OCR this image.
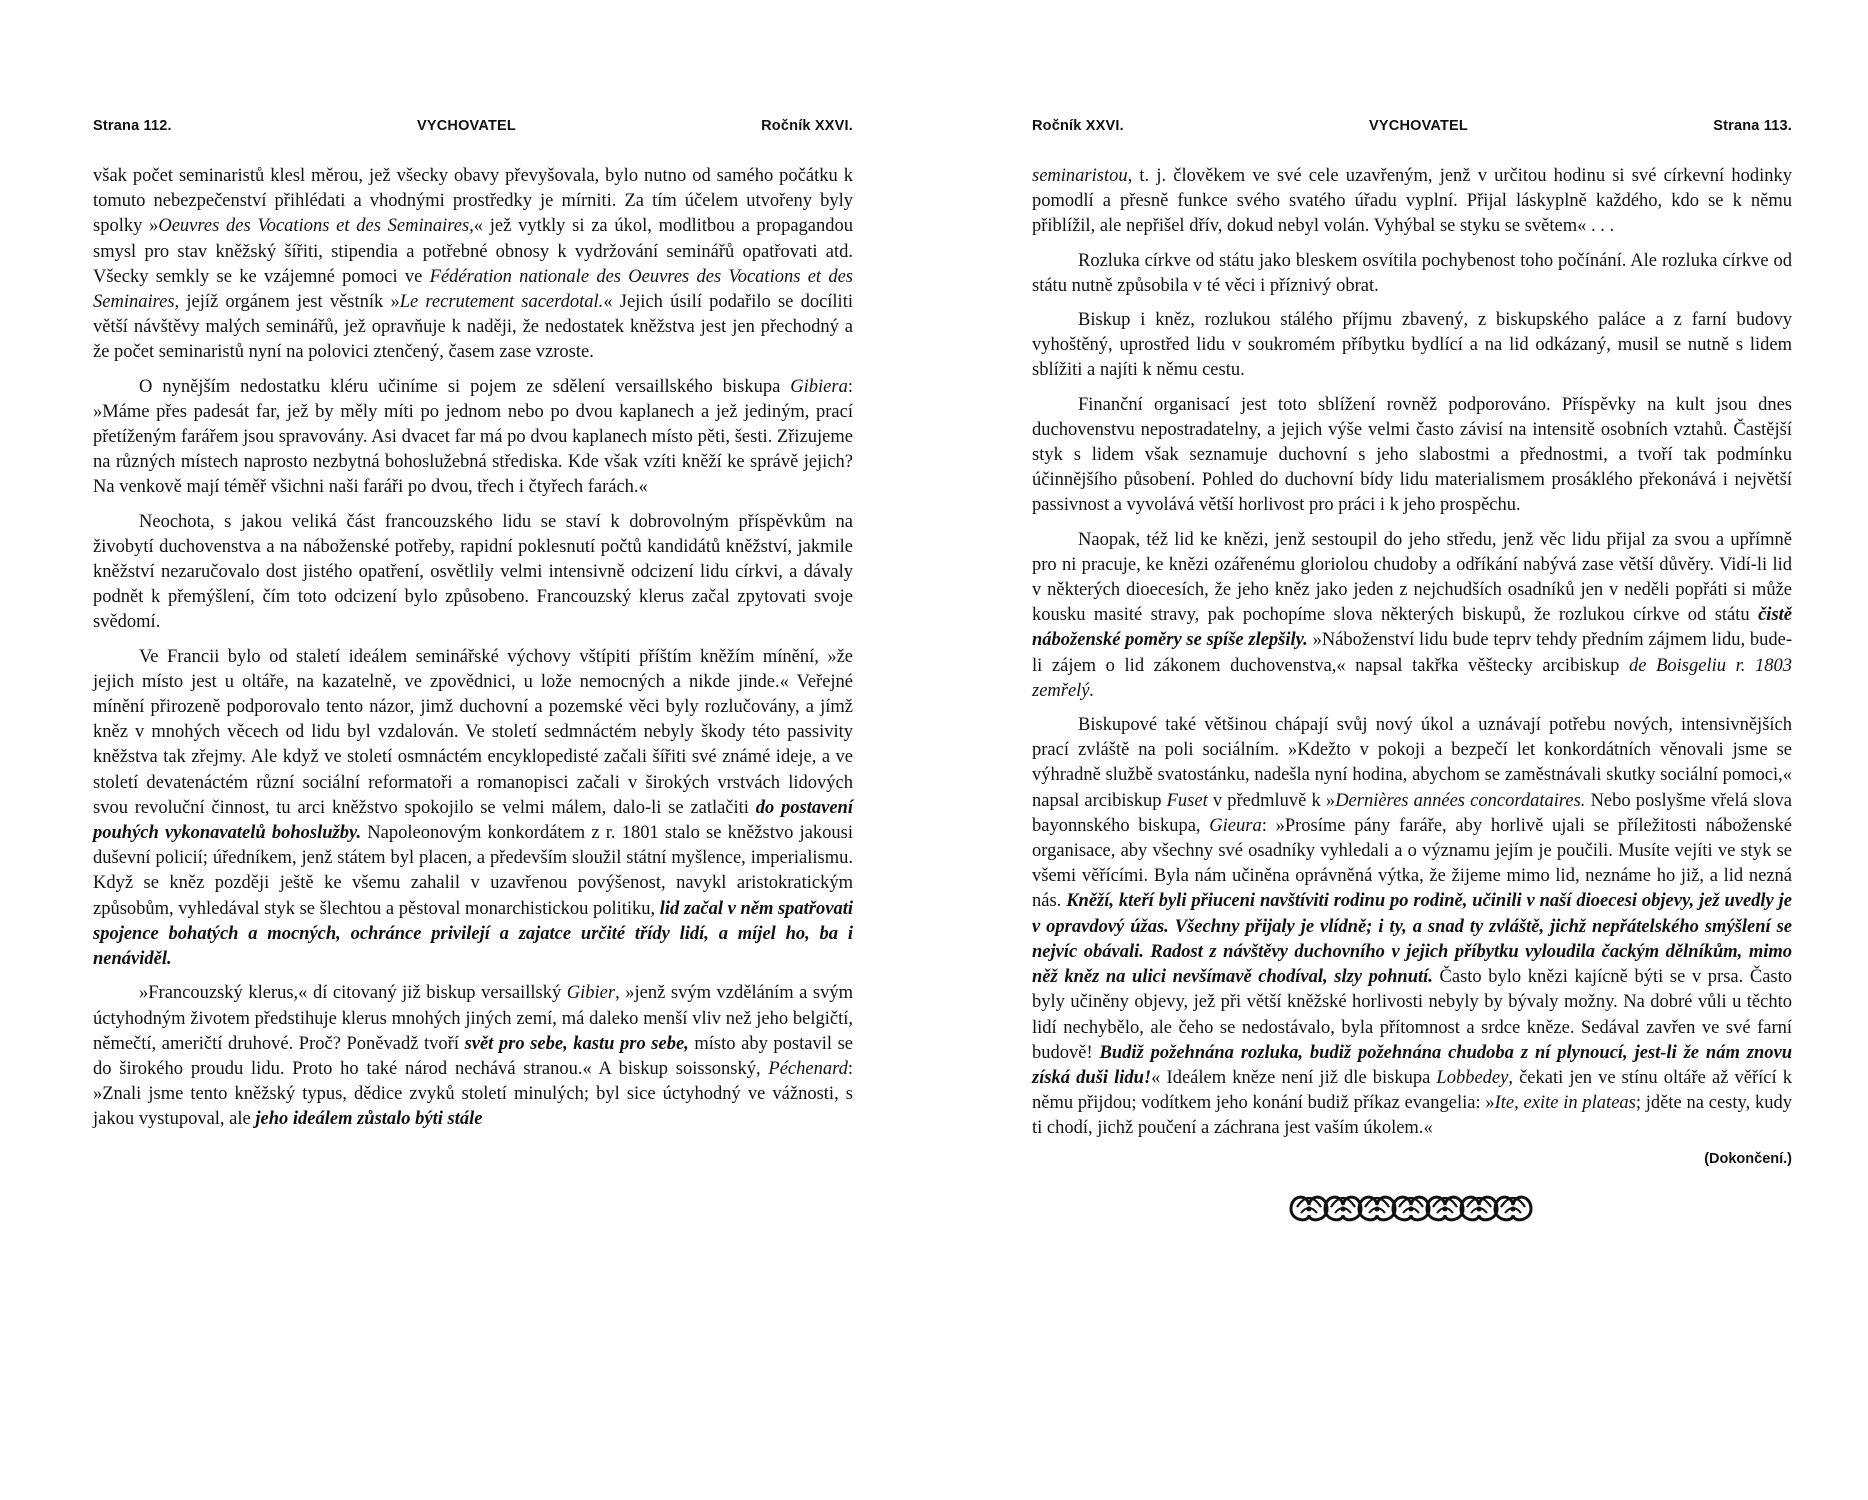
Strana 112.	VYCHOVATEL	Ročník XXVI.

však počet seminaristů klesl měrou, jež všecky obavy převyšovala, bylo nutno od samého počátku k tomuto nebezpečenství přihlédati a vhodnými prostředky je mírniti. Za tím účelem utvořeny byly spolky »Oeuvres des Vocations et des Seminaires,« jež vytkly si za úkol, modlitbou a propagandou smysl pro stav kněžský šířiti, stipendia a potřebné obnosy k vydržování seminářů opatřovati atd. Všecky semkly se ke vzájemné pomoci ve Fédération nationale des Oeuvres des Vocations et des Seminaires, jejíž orgánem jest věstník »Le recrutement sacerdotal.« Jejich úsilí podařilo se docíliti větší návštěvy malých seminářů, jež opravňuje k naději, že nedostatek kněžstva jest jen přechodný a že počet seminaristů nyní na polovici ztenčený, časem zase vzroste.

O nynějším nedostatku kléru učiníme si pojem ze sdělení versaillského biskupa Gibiera: »Máme přes padesát far, jež by měly míti po jednom nebo po dvou kaplanech a jež jediným, prací přetíženým farářem jsou spravovány. Asi dvacet far má po dvou kaplanech místo pěti, šesti. Zřizujeme na různých místech naprosto nezbytná bohoslužebná střediska. Kde však vzíti kněží ke správě jejich? Na venkově mají téměř všichni naši faráři po dvou, třech i čtyřech farách.«

Neochota, s jakou veliká část francouzského lidu se staví k dobrovolným příspěvkům na živobytí duchovenstva a na náboženské potřeby, rapidní poklesnutí počtů kandidátů kněžství, jakmile kněžství nezaručovalo dost jistého opatření, osvětlily velmi intensivně odcizení lidu církvi, a dávaly podnět k přemýšlení, čím toto odcizení bylo způsobeno. Francouzský klerus začal zpytovati svoje svědomí.

Ve Francii bylo od staletí ideálem seminářské výchovy vštípiti příštím kněžím mínění, »že jejich místo jest u oltáře, na kazatelně, ve zpovědnici, u lože nemocných a nikde jinde.« Veřejné mínění přirozeně podporovalo tento názor, jimž duchovní a pozemské věci byly rozlučovány, a jímž kněz v mnohých věcech od lidu byl vzdalován. Ve století sedmnáctém nebyly škody této passivity kněžstva tak zřejmy. Ale když ve století osmnáctém encyklopedisté začali šířiti své známé ideje, a ve století devatenáctém různí sociální reformatoři a romanopisci začali v širokých vrstvách lidových svou revoluční činnost, tu arci kněžstvo spokojilo se velmi málem, dalo-li se zatlačiti do postavení pouhých vykonavatelů bohoslužby. Napoleonovým konkordátem z r. 1801 stalo se kněžstvo jakousi duševní policií; úředníkem, jenž státem byl placen, a především sloužil státní myšlence, imperialismu. Když se kněz později ještě ke všemu zahalil v uzavřenou povýšenost, navykl aristokratickým způsobům, vyhledával styk se šlechtou a pěstoval monarchistickou politiku, lid začal v něm spatřovati spojence bohatých a mocných, ochránce privilejí a zajatce určité třídy lidí, a míjel ho, ba i nenáviděl.

»Francouzský klerus,« dí citovaný již biskup versaillský Gibier, »jenž svým vzděláním a svým úctyhodným životem předstihuje klerus mnohých jiných zemí, má daleko menší vliv než jeho belgičtí, němečtí, američtí druhové. Proč? Poněvadž tvoří svět pro sebe, kastu pro sebe, místo aby postavil se do širokého proudu lidu. Proto ho také národ nechává stranou.« A biskup soissonský, Péchenard: »Znali jsme tento kněžský typus, dědice zvyků století minulých; byl sice úctyhodný ve vážnosti, s jakou vystupoval, ale jeho ideálem zůstalo býti stále

Ročník XXVI.	VYCHOVATEL	Strana 113.

seminaristou, t. j. člověkem ve své cele uzavřeným, jenž v určitou hodinu si své církevní hodinky pomodlí a přesně funkce svého svatého úřadu vyplní. Přijal láskyplně každého, kdo se k němu přiblížil, ale nepřišel dřív, dokud nebyl volán. Vyhýbal se styku se světem« . . .

Rozluka církve od státu jako bleskem osvítila pochybenost toho počínání. Ale rozluka církve od státu nutně způsobila v té věci i příznivý obrat.

Biskup i kněz, rozlukou stálého příjmu zbavený, z biskupského paláce a z farní budovy vyhoštěný, uprostřed lidu v soukromém příbytku bydlící a na lid odkázaný, musil se nutně s lidem sblížiti a najíti k němu cestu.

Finanční organisací jest toto sblížení rovněž podporováno. Příspěvky na kult jsou dnes duchovenstvu nepostradatelny, a jejich výše velmi často závisí na intensitě osobních vztahů. Častější styk s lidem však seznamuje duchovní s jeho slabostmi a přednostmi, a tvoří tak podmínku účinnějšího působení. Pohled do duchovní bídy lidu materialismem prosáklého překonává i největší passivnost a vyvolává větší horlivost pro práci i k jeho prospěchu.

Naopak, též lid ke knězi, jenž sestoupil do jeho středu, jenž věc lidu přijal za svou a upřímně pro ni pracuje, ke knězi ozářenému gloriolou chudoby a odříkání nabývá zase větší důvěry. Vidí-li lid v některých dioecesích, že jeho kněz jako jeden z nejchudších osadníků jen v neděli popřáti si může kousku masité stravy, pak pochopíme slova některých biskupů, že rozlukou církve od státu čistě náboženské poměry se spíše zlepšily. »Náboženství lidu bude teprv tehdy předním zájmem lidu, bude-li zájem o lid zákonem duchovenstva,« napsal takřka věštecky arcibiskup de Boisgeliu r. 1803 zemřelý.

Biskupové také většinou chápají svůj nový úkol a uznávají potřebu nových, intensivnějších prací zvláště na poli sociálním. »Kdežto v pokoji a bezpečí let konkordátních věnovali jsme se výhradně službě svatostánku, nadešla nyní hodina, abychom se zaměstnávali skutky sociální pomoci,« napsal arcibiskup Fuset v předmluvě k »Dernières années concordataires. Nebo poslyšme vřelá slova bayonnského biskupa, Gieura: »Prosíme pány faráře, aby horlivě ujali se příležitosti náboženské organisace, aby všechny své osadníky vyhledali a o významu jejím je poučili. Musíte vejíti ve styk se všemi věřícími. Byla nám učiněna oprávněná výtka, že žijeme mimo lid, neznáme ho již, a lid nezná nás. Kněží, kteří byli přiuceni navštíviti rodinu po rodině, učinili v naší dioecesi objevy, jež uvedly je v opravdový úžas. Všechny přijaly je vlídně; i ty, a snad ty zvláště, jichž nepřátelského smýšlení se nejvíc obávali. Radost z návštěvy duchovního v jejich příbytku vyloudila čackým dělníkům, mimo něž kněz na ulici nevšímavě chodíval, slzy pohnutí. Často bylo knězi kajícně býti se v prsa. Často byly učiněny objevy, jež při větší kněžské horlivosti nebyly by bývaly možny. Na dobré vůli u těchto lidí nechybělo, ale čeho se nedostávalo, byla přítomnost a srdce kněze. Sedával zavřen ve své farní budově! Budiž požehnána rozluka, budiž požehnána chudoba z ní plynoucí, jest-li že nám znovu získá duši lidu!« Ideálem kněze není již dle biskupa Lobbedey, čekati jen ve stínu oltáře až věřící k němu přijdou; vodítkem jeho konání budiž příkaz evangelia: »Ite, exite in plateas; jděte na cesty, kudy ti chodí, jichž poučení a záchrana jest vaším úkolem.«

(Dokončení.)
